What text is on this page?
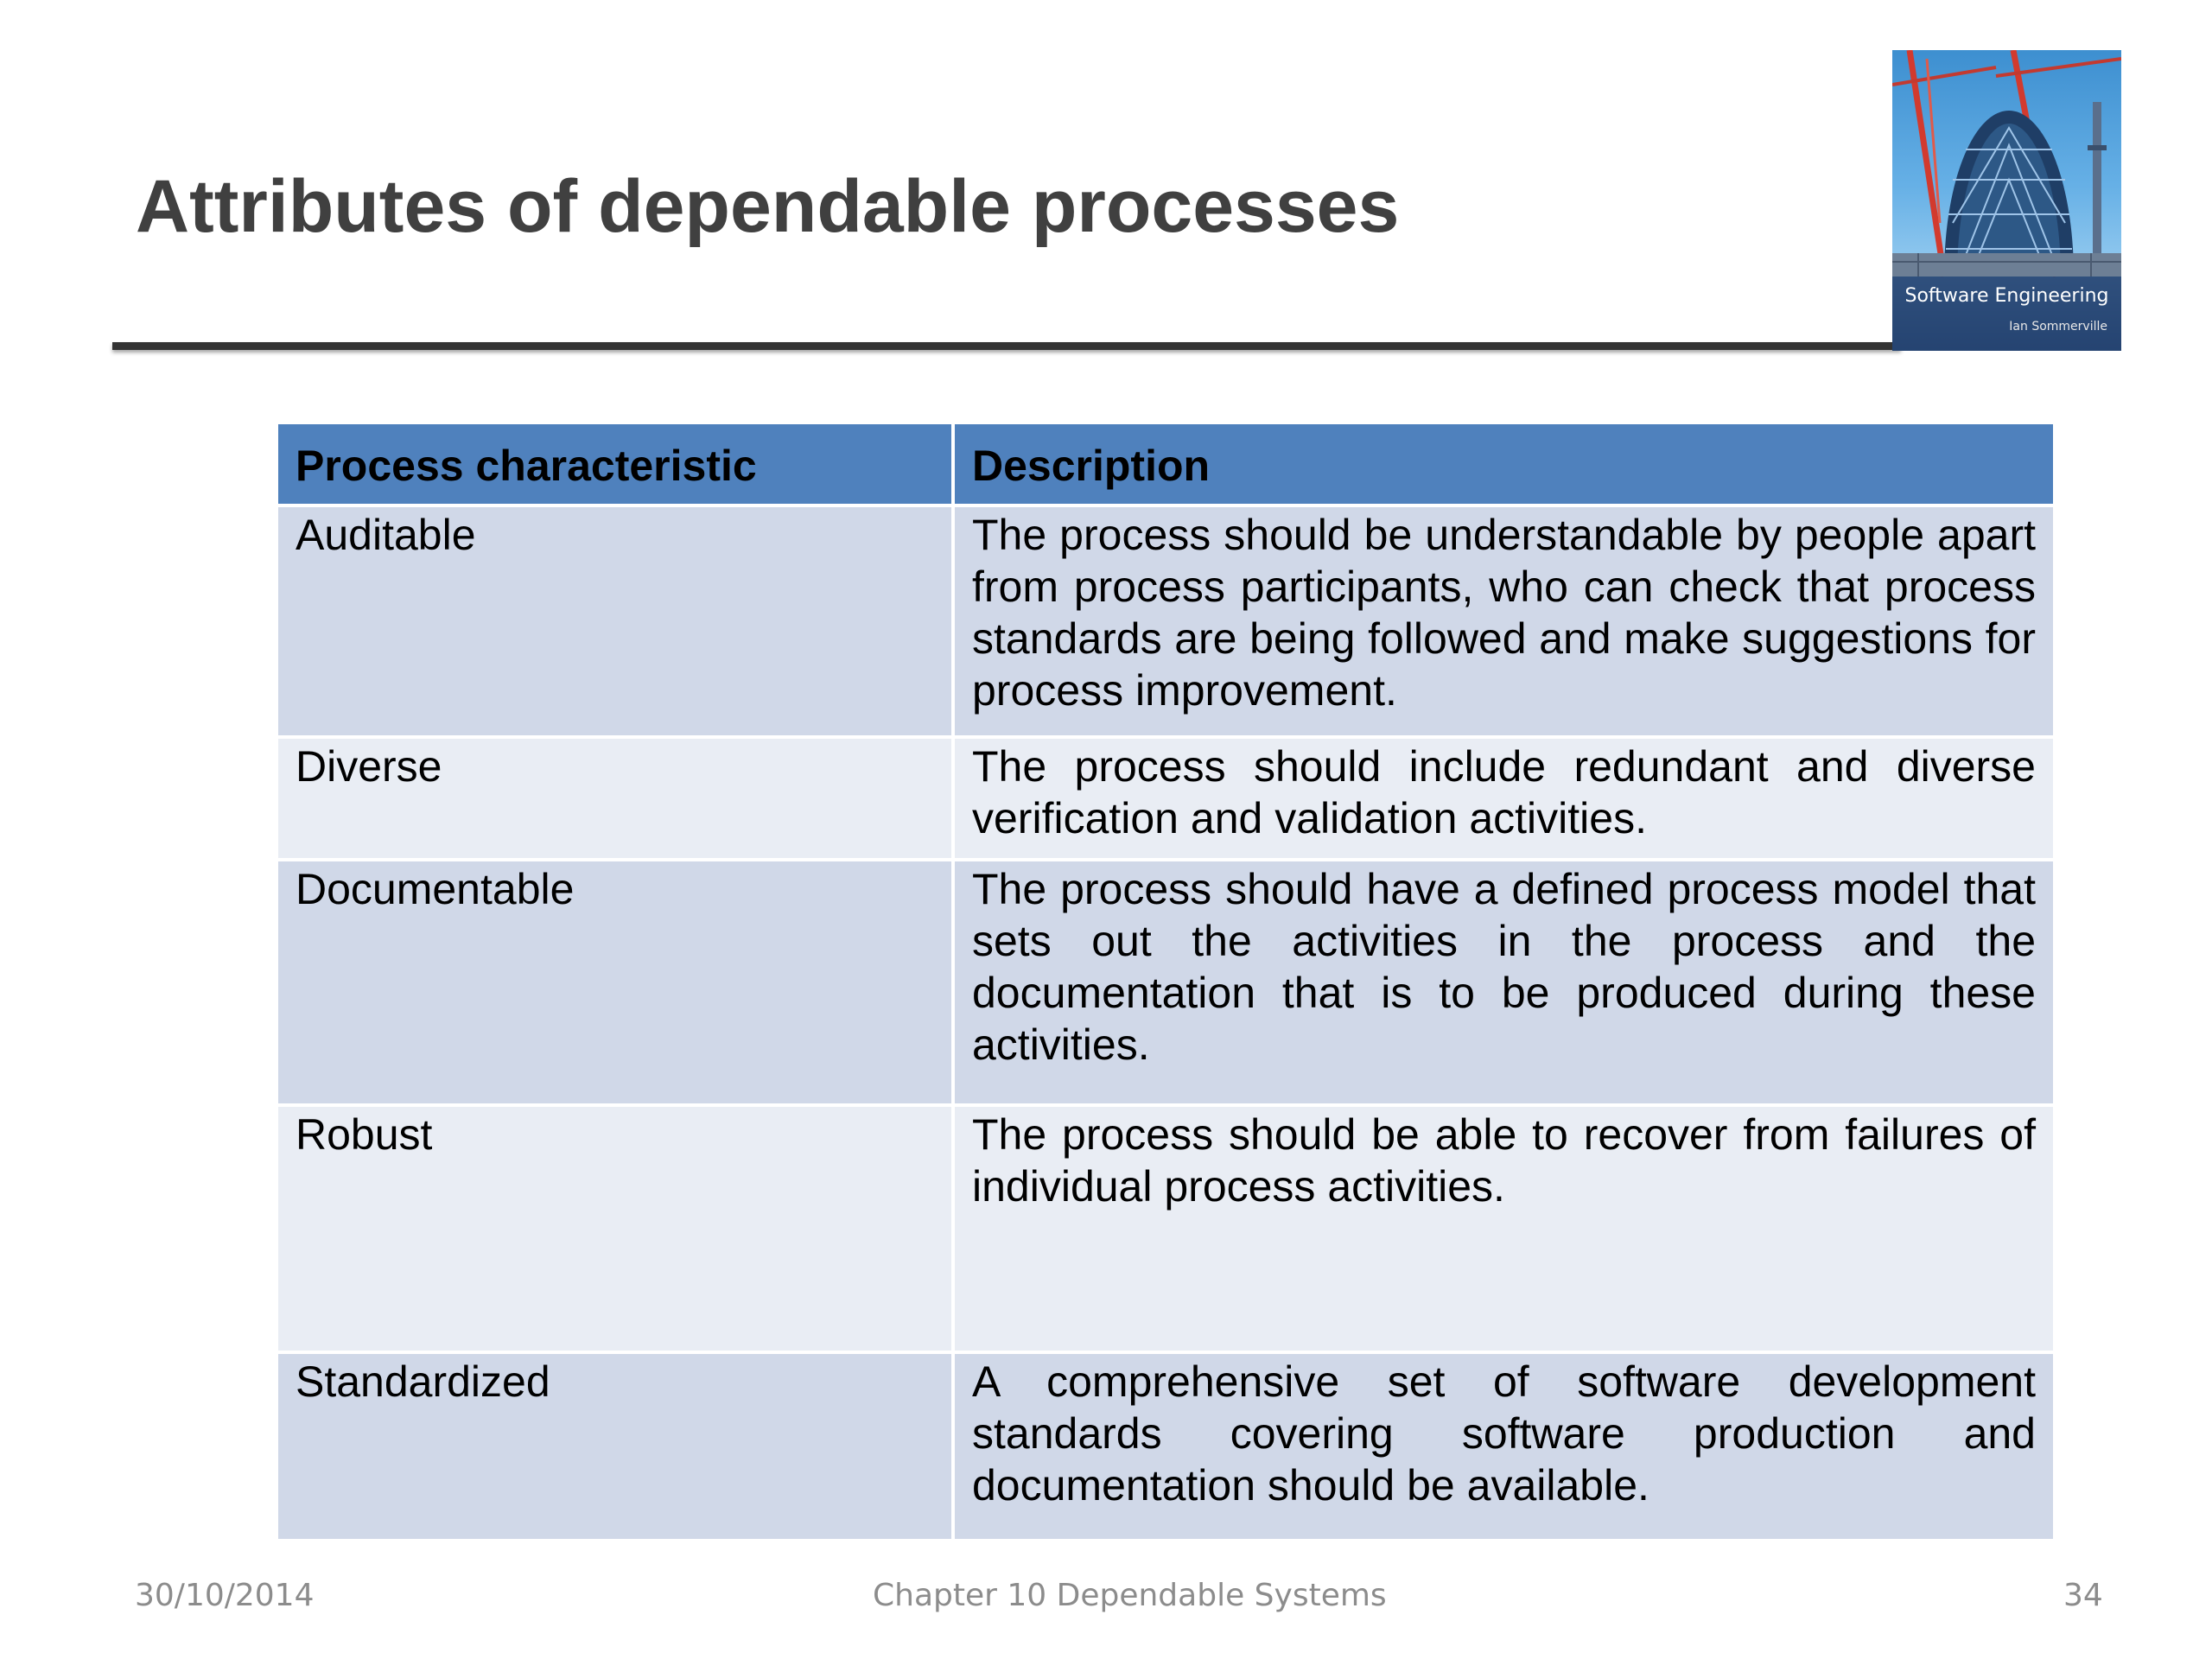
Attributes of dependable processes
Software Engineering
Ian Sommerville
Process characteristic	Description
Auditable	The process should be understandable by people apart from process participants, who can check that process standards are being followed and make suggestions for process improvement.
Diverse	The process should include redundant and diverse verification and validation activities.
Documentable	The process should have a defined process model that sets out the activities in the process and the documentation that is to be produced during these activities.
Robust	The process should be able to recover from failures of individual process activities.
Standardized	A comprehensive set of software development standards covering software production and documentation should be available.
30/10/2014	Chapter 10 Dependable Systems	34
